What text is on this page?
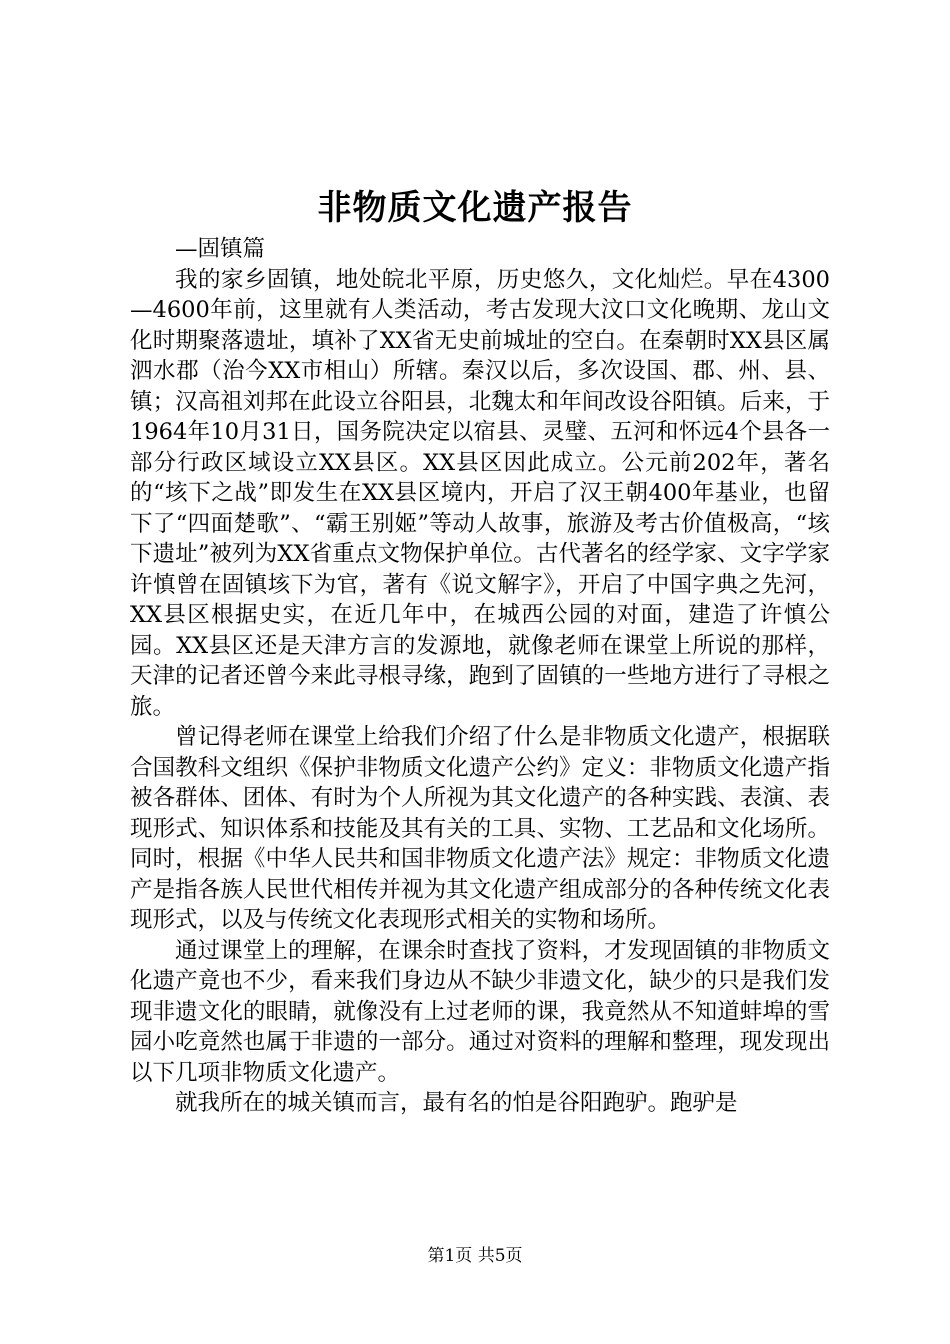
非物质文化遗产报告

—固镇篇

我的家乡固镇，地处皖北平原，历史悠久，文化灿烂。早在4300—4600年前，这里就有人类活动，考古发现大汶口文化晚期、龙山文化时期聚落遗址，填补了XX省无史前城址的空白。在秦朝时XX县区属泗水郡（治今XX市相山）所辖。秦汉以后，多次设国、郡、州、县、镇；汉高祖刘邦在此设立谷阳县，北魏太和年间改设谷阳镇。后来，于1964年10月31日，国务院决定以宿县、灵璧、五河和怀远4个县各一部分行政区域设立XX县区。XX县区因此成立。公元前202年，著名的“垓下之战”即发生在XX县区境内，开启了汉王朝400年基业，也留下了“四面楚歌”、“霸王别姬”等动人故事，旅游及考古价值极高，“垓下遗址”被列为XX省重点文物保护单位。古代著名的经学家、文字学家许慎曾在固镇垓下为官，著有《说文解字》，开启了中国字典之先河，XX县区根据史实，在近几年中，在城西公园的对面，建造了许慎公园。XX县区还是天津方言的发源地，就像老师在课堂上所说的那样，天津的记者还曾今来此寻根寻缘，跑到了固镇的一些地方进行了寻根之旅。

曾记得老师在课堂上给我们介绍了什么是非物质文化遗产，根据联合国教科文组织《保护非物质文化遗产公约》定义：非物质文化遗产指被各群体、团体、有时为个人所视为其文化遗产的各种实践、表演、表现形式、知识体系和技能及其有关的工具、实物、工艺品和文化场所。同时，根据《中华人民共和国非物质文化遗产法》规定：非物质文化遗产是指各族人民世代相传并视为其文化遗产组成部分的各种传统文化表现形式，以及与传统文化表现形式相关的实物和场所。

通过课堂上的理解，在课余时查找了资料，才发现固镇的非物质文化遗产竟也不少，看来我们身边从不缺少非遗文化，缺少的只是我们发现非遗文化的眼睛，就像没有上过老师的课，我竟然从不知道蚌埠的雪园小吃竟然也属于非遗的一部分。通过对资料的理解和整理，现发现出以下几项非物质文化遗产。

就我所在的城关镇而言，最有名的怕是谷阳跑驴。跑驴是

第1页 共5页
